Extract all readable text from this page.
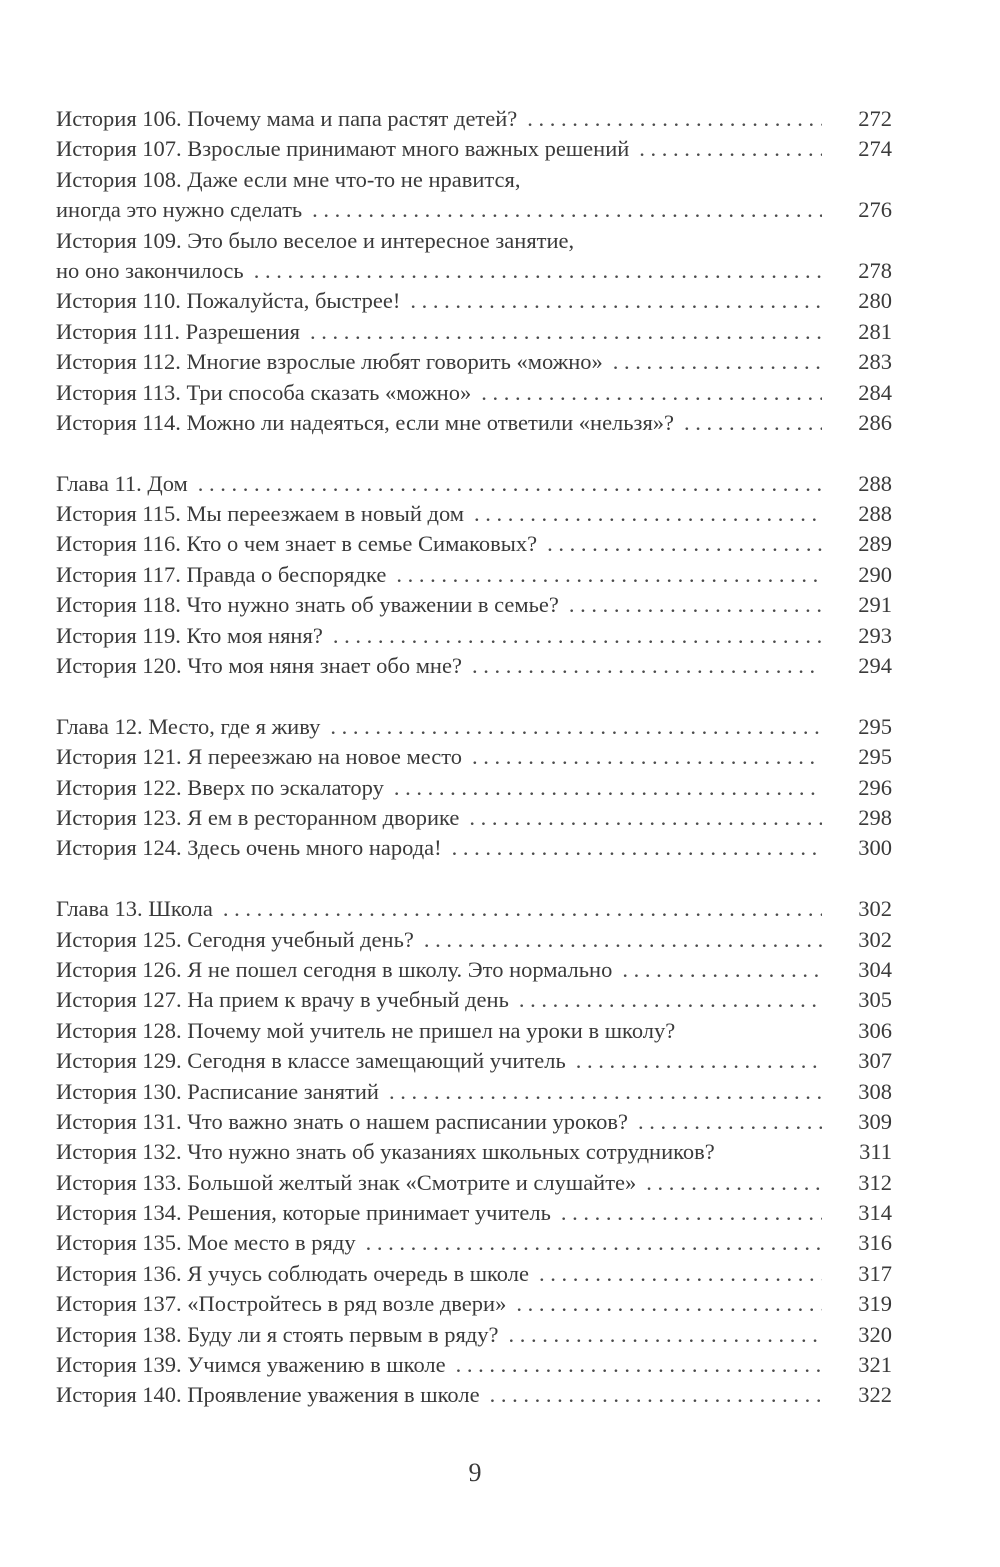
История 106. Почему мама и папа растят детей? . . .	272
История 107. Взрослые принимают много важных решений . . .	274
История 108. Даже если мне что-то не нравится,
иногда это нужно сделать . . .	276
История 109. Это было веселое и интересное занятие,
но оно закончилось . . .	278
История 110. Пожалуйста, быстрее! . . .	280
История 111. Разрешения . . .	281
История 112. Многие взрослые любят говорить «можно» . . .	283
История 113. Три способа сказать «можно» . . .	284
История 114. Можно ли надеяться, если мне ответили «нельзя»? . . .	286
Глава 11. Дом . . .	288
История 115. Мы переезжаем в новый дом . . .	288
История 116. Кто о чем знает в семье Симаковых? . . .	289
История 117. Правда о беспорядке . . .	290
История 118. Что нужно знать об уважении в семье? . . .	291
История 119. Кто моя няня? . . .	293
История 120. Что моя няня знает обо мне? . . .	294
Глава 12. Место, где я живу . . .	295
История 121. Я переезжаю на новое место . . .	295
История 122. Вверх по эскалатору . . .	296
История 123. Я ем в ресторанном дворике . . .	298
История 124. Здесь очень много народа! . . .	300
Глава 13. Школа . . .	302
История 125. Сегодня учебный день? . . .	302
История 126. Я не пошел сегодня в школу. Это нормально . . .	304
История 127. На прием к врачу в учебный день . . .	305
История 128. Почему мой учитель не пришел на уроки в школу?	306
История 129. Сегодня в классе замещающий учитель . . .	307
История 130. Расписание занятий . . .	308
История 131. Что важно знать о нашем расписании уроков? . . .	309
История 132. Что нужно знать об указаниях школьных сотрудников?	311
История 133. Большой желтый знак «Смотрите и слушайте» . . .	312
История 134. Решения, которые принимает учитель . . .	314
История 135. Мое место в ряду . . .	316
История 136. Я учусь соблюдать очередь в школе . . .	317
История 137. «Постройтесь в ряд возле двери» . . .	319
История 138. Буду ли я стоять первым в ряду? . . .	320
История 139. Учимся уважению в школе . . .	321
История 140. Проявление уважения в школе . . .	322
9
